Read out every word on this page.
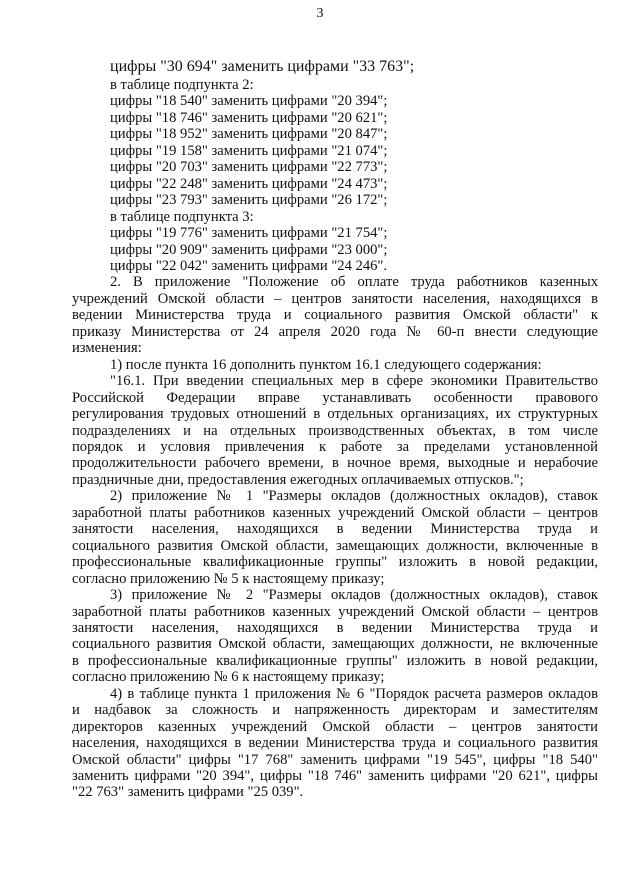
3
цифры "30 694" заменить цифрами "33 763";
в таблице подпункта 2:
цифры "18 540" заменить цифрами "20 394";
цифры "18 746" заменить цифрами "20 621";
цифры "18 952" заменить цифрами "20 847";
цифры "19 158" заменить цифрами "21 074";
цифры "20 703" заменить цифрами "22 773";
цифры "22 248" заменить цифрами "24 473";
цифры "23 793" заменить цифрами "26 172";
в таблице подпункта 3:
цифры "19 776" заменить цифрами "21 754";
цифры "20 909" заменить цифрами "23 000";
цифры "22 042" заменить цифрами "24 246".
2. В приложение "Положение об оплате труда работников казенных
учреждений Омской области – центров занятости населения, находящихся в
ведении Министерства труда и социального развития Омской области" к
приказу Министерства от 24 апреля 2020 года № 60-п внести следующие
изменения:
1) после пункта 16 дополнить пунктом 16.1 следующего содержания:
"16.1. При введении специальных мер в сфере экономики Правительство
Российской Федерации вправе устанавливать особенности правового
регулирования трудовых отношений в отдельных организациях, их структурных
подразделениях и на отдельных производственных объектах, в том числе
порядок и условия привлечения к работе за пределами установленной
продолжительности рабочего времени, в ночное время, выходные и нерабочие
праздничные дни, предоставления ежегодных оплачиваемых отпусков.";
2) приложение № 1 "Размеры окладов (должностных окладов), ставок
заработной платы работников казенных учреждений Омской области – центров
занятости населения, находящихся в ведении Министерства труда и
социального развития Омской области, замещающих должности, включенные в
профессиональные квалификационные группы" изложить в новой редакции,
согласно приложению № 5 к настоящему приказу;
3) приложение № 2 "Размеры окладов (должностных окладов), ставок
заработной платы работников казенных учреждений Омской области – центров
занятости населения, находящихся в ведении Министерства труда и
социального развития Омской области, замещающих должности, не включенные
в профессиональные квалификационные группы" изложить в новой редакции,
согласно приложению № 6 к настоящему приказу;
4) в таблице пункта 1 приложения № 6 "Порядок расчета размеров окладов
и надбавок за сложность и напряженность директорам и заместителям
директоров казенных учреждений Омской области – центров занятости
населения, находящихся в ведении Министерства труда и социального развития
Омской области" цифры "17 768" заменить цифрами "19 545", цифры "18 540"
заменить цифрами "20 394", цифры "18 746" заменить цифрами "20 621", цифры
"22 763" заменить цифрами "25 039".
